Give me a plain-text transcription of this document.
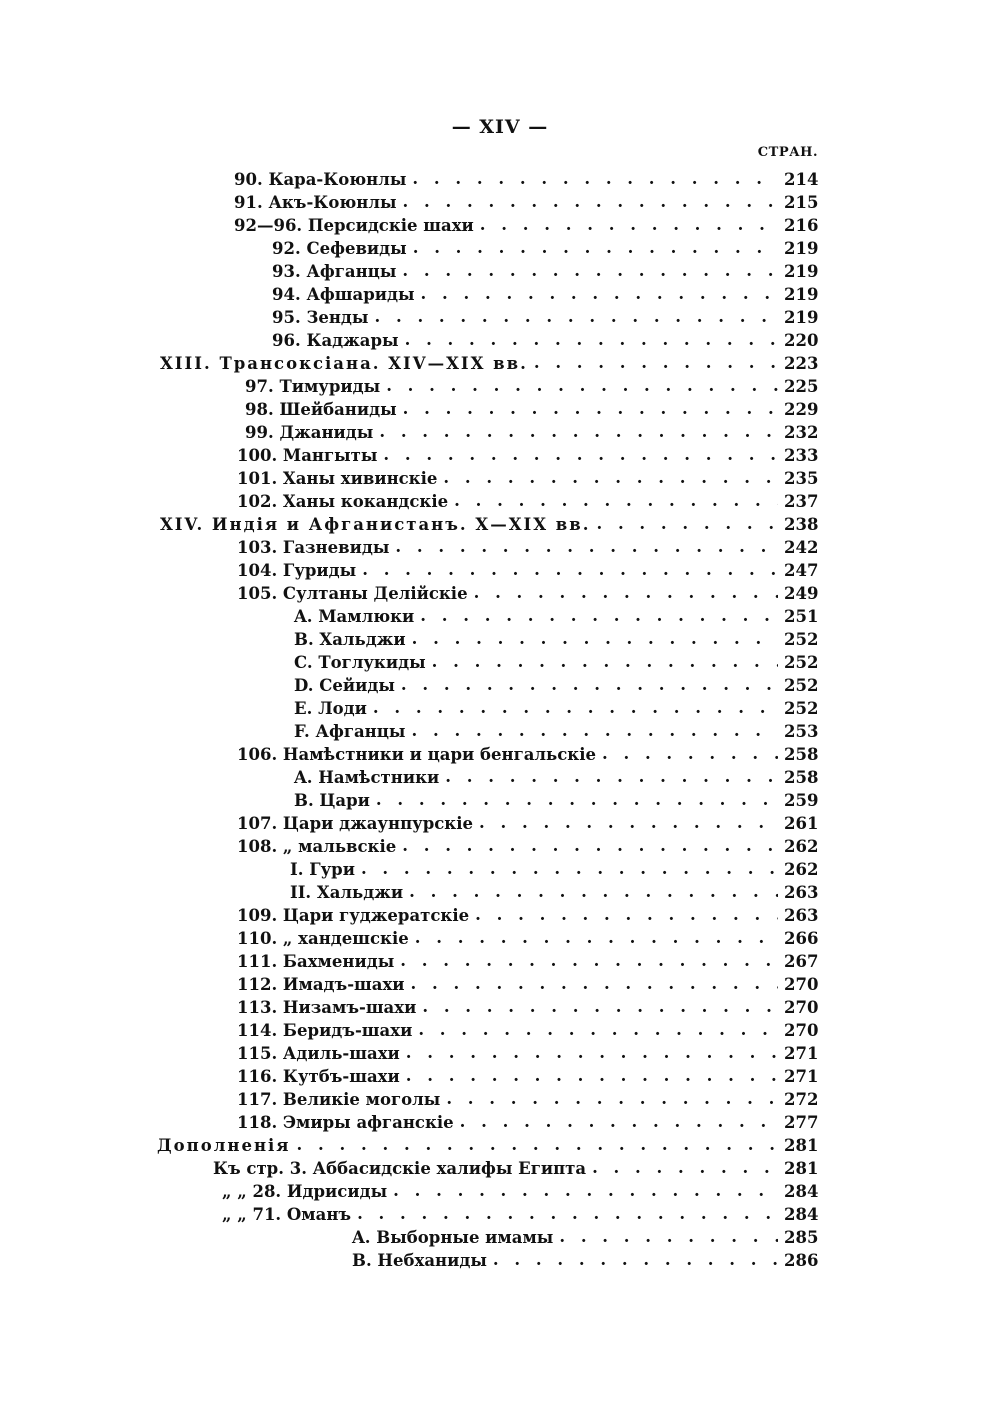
— XIV —
СТРАН.
90. Кара-Коюнлы . . .	214
91. Акъ-Коюнлы . . .	215
92—96. Персидскіе шахи . . .	216
92. Сефевиды . . .	219
93. Афганцы . . .	219
94. Афшариды . . .	219
95. Зенды . . .	219
96. Каджары . . .	220
XIII. Трансоксiана. XIV—XIX вв. . . .	223
97. Тимуриды . . .	225
98. Шейбаниды . . .	229
99. Джаниды . . .	232
100. Мангыты . . .	233
101. Ханы хивинскіе . . .	235
102. Ханы кокандскіе . . .	237
XIV. Индія и Афганистанъ. X—XIX вв. . . .	238
103. Газневиды . . .	242
104. Гуриды . . .	247
105. Султаны Делійскіе . . .	249
A. Мамлюки . . .	251
B. Хальджи . . .	252
C. Тоглукиды . . .	252
D. Сейиды . . .	252
E. Лоди . . .	252
F. Афганцы . . .	253
106. Намѣстники и цари бенгальскіе . . .	258
A. Намѣстники . . .	258
B. Цари . . .	259
107. Цари джаунпурскіе . . .	261
108. „ мальвскіе . . .	262
I. Гури . . .	262
II. Хальджи . . .	263
109. Цари гуджератскіе . . .	263
110. „ хандешскіе . . .	266
111. Бахмениды . . .	267
112. Имадъ-шахи . . .	270
113. Низамъ-шахи . . .	270
114. Беридъ-шахи . . .	270
115. Адиль-шахи . . .	271
116. Кутбъ-шахи . . .	271
117. Великіе моголы . . .	272
118. Эмиры афганскіе . . .	277
Дополненія . . .	281
Къ стр. 3. Аббасидскіе халифы Египта . . .	281
„ „ 28. Идрисиды . . .	284
„ „ 71. Оманъ . . .	284
A. Выборные имамы . . .	285
B. Небханиды . . .	286
